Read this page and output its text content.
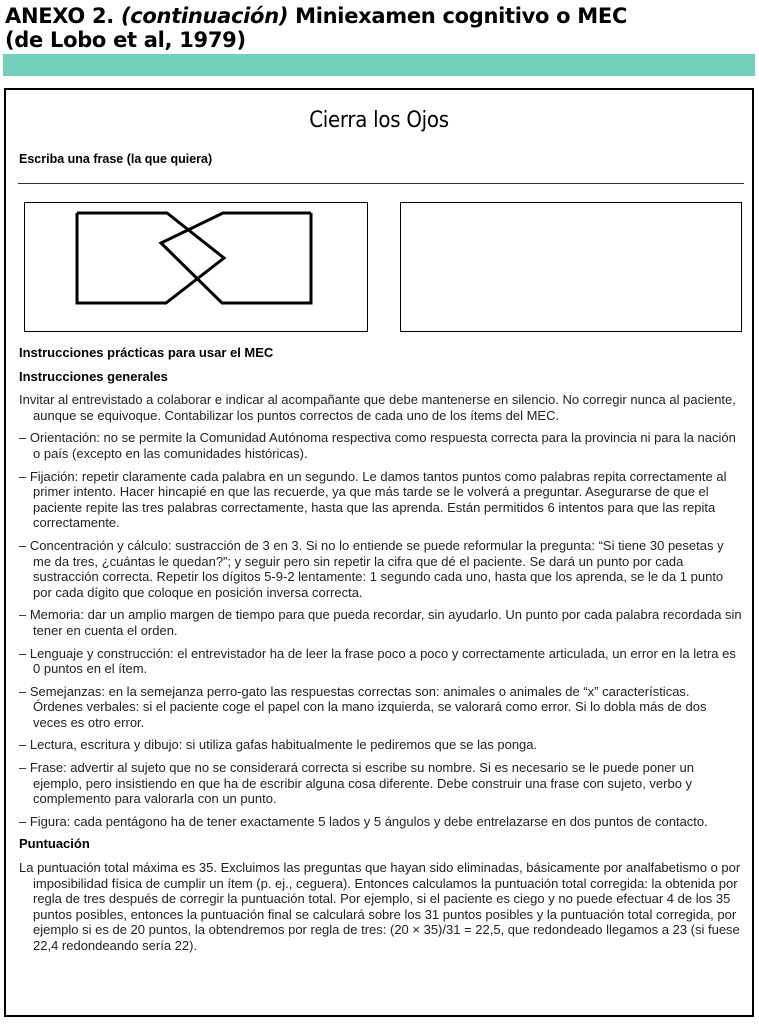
ANEXO 2. (continuación) Miniexamen cognitivo o MEC
(de Lobo et al, 1979)
Cierra los Ojos
Escriba una frase (la que quiera)
Instrucciones prácticas para usar el MEC
Instrucciones generales
Invitar al entrevistado a colaborar e indicar al acompañante que debe mantenerse en silencio. No corregir nunca al paciente, aunque se equivoque. Contabilizar los puntos correctos de cada uno de los ítems del MEC.
– Orientación: no se permite la Comunidad Autónoma respectiva como respuesta correcta para la provincia ni para la nación o país (excepto en las comunidades históricas).
– Fijación: repetir claramente cada palabra en un segundo. Le damos tantos puntos como palabras repita correctamente al primer intento. Hacer hincapié en que las recuerde, ya que más tarde se le volverá a preguntar. Asegurarse de que el paciente repite las tres palabras correctamente, hasta que las aprenda. Están permitidos 6 intentos para que las repita correctamente.
– Concentración y cálculo: sustracción de 3 en 3. Si no lo entiende se puede reformular la pregunta: “Si tiene 30 pesetas y me da tres, ¿cuántas le quedan?”; y seguir pero sin repetir la cifra que dé el paciente. Se dará un punto por cada sustracción correcta. Repetir los dígitos 5-9-2 lentamente: 1 segundo cada uno, hasta que los aprenda, se le da 1 punto por cada dígito que coloque en posición inversa correcta.
– Memoria: dar un amplio margen de tiempo para que pueda recordar, sin ayudarlo. Un punto por cada palabra recordada sin tener en cuenta el orden.
– Lenguaje y construcción: el entrevistador ha de leer la frase poco a poco y correctamente articulada, un error en la letra es 0 puntos en el ítem.
– Semejanzas: en la semejanza perro-gato las respuestas correctas son: animales o animales de “x” características. Órdenes verbales: si el paciente coge el papel con la mano izquierda, se valorará como error. Si lo dobla más de dos veces es otro error.
– Lectura, escritura y dibujo: si utiliza gafas habitualmente le pediremos que se las ponga.
– Frase: advertir al sujeto que no se considerará correcta si escribe su nombre. Si es necesario se le puede poner un ejemplo, pero insistiendo en que ha de escribir alguna cosa diferente. Debe construir una frase con sujeto, verbo y complemento para valorarla con un punto.
– Figura: cada pentágono ha de tener exactamente 5 lados y 5 ángulos y debe entrelazarse en dos puntos de contacto.
Puntuación
La puntuación total máxima es 35. Excluimos las preguntas que hayan sido eliminadas, básicamente por analfabetismo o por imposibilidad física de cumplir un ítem (p. ej., ceguera). Entonces calculamos la puntuación total corregida: la obtenida por regla de tres después de corregir la puntuación total. Por ejemplo, si el paciente es ciego y no puede efectuar 4 de los 35 puntos posibles, entonces la puntuación final se calculará sobre los 31 puntos posibles y la puntuación total corregida, por ejemplo si es de 20 puntos, la obtendremos por regla de tres: (20 × 35)/31 = 22,5, que redondeado llegamos a 23 (si fuese 22,4 redondeando sería 22).
